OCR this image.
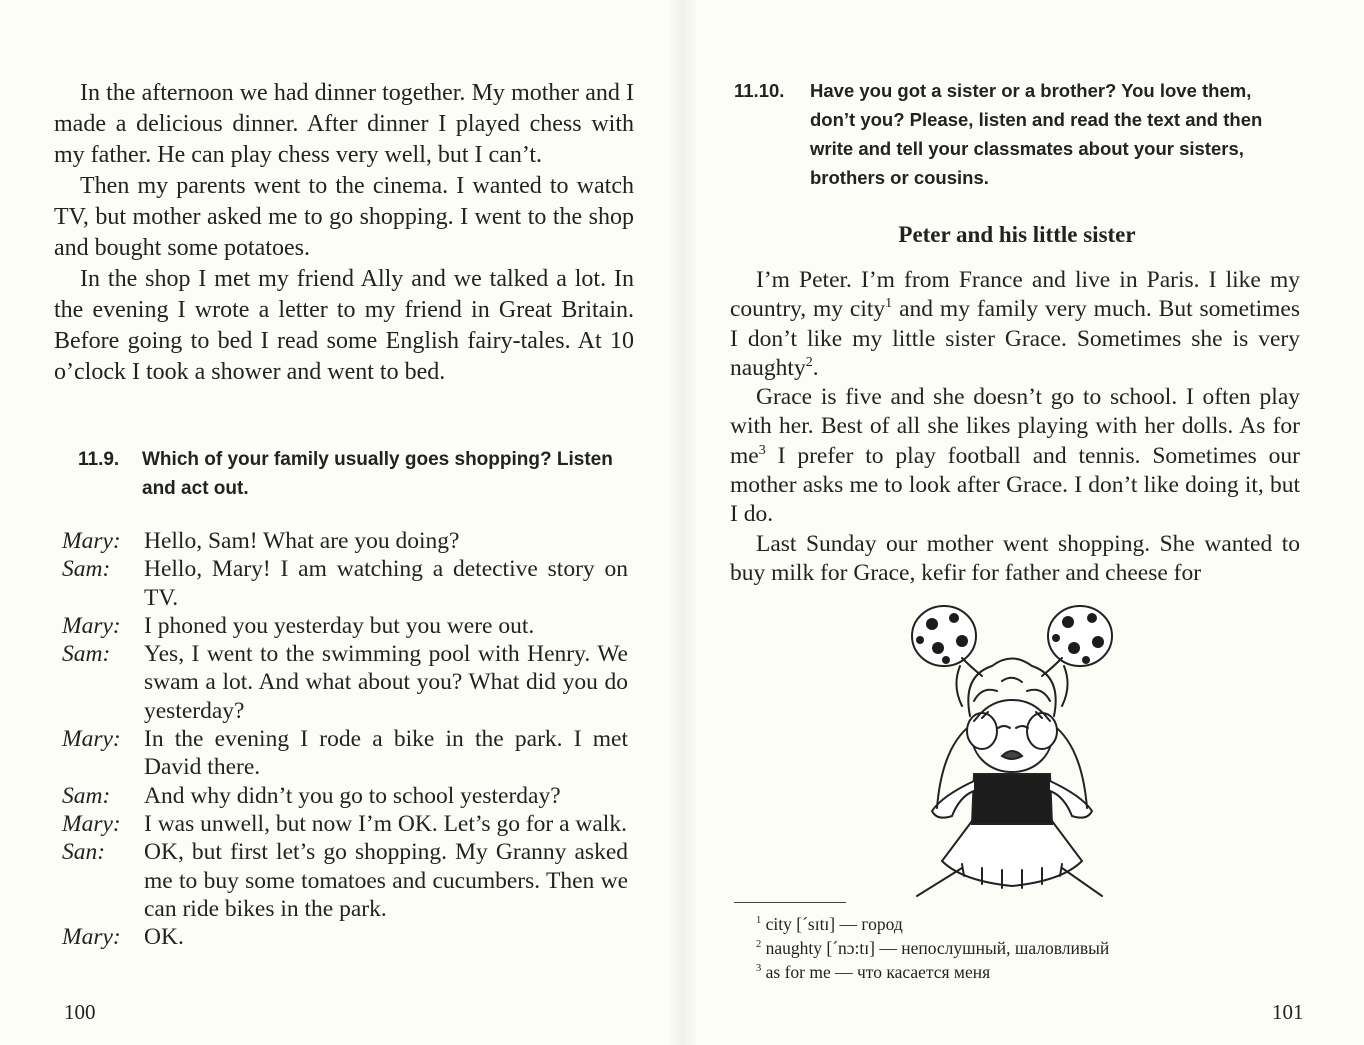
In the afternoon we had dinner together. My mother and I made a delicious dinner. After dinner I played chess with my father. He can play chess very well, but I can’t.

Then my parents went to the cinema. I wanted to watch TV, but mother asked me to go shopping. I went to the shop and bought some potatoes.

In the shop I met my friend Ally and we talked a lot. In the evening I wrote a letter to my friend in Great Britain. Before going to bed I read some English fairy-tales. At 10 o’clock I took a shower and went to bed.

11.9.	Which of your family usually goes shopping? Listen and act out.
Mary: Hello, Sam! What are you doing?
Sam:	Hello, Mary! I am watching a detective story on TV.
Mary: I phoned you yesterday but you were out.
Sam:	Yes, I went to the swimming pool with Henry. We swam a lot. And what about you? What did you do yesterday?
Mary: In the evening I rode a bike in the park. I met David there.
Sam:	And why didn’t you go to school yesterday?
Mary: I was unwell, but now I’m OK. Let’s go for a walk.
San:	OK, but first let’s go shopping. My Granny asked me to buy some tomatoes and cucumbers. Then we can ride bikes in the park.
Mary: OK.
100
11.10.	Have you got a sister or a brother? You love them, don’t you? Please, listen and read the text and then write and tell your classmates about your sisters, brothers or cousins.

Peter and his little sister

I’m Peter. I’m from France and live in Paris. I like my country, my city$^1$ and my family very much. But sometimes I don’t like my little sister Grace. Sometimes she is very naughty$^2$.

Grace is five and she doesn’t go to school. I often play with her. Best of all she likes playing with her dolls. As for $me^3$ I prefer to play football and tennis. Sometimes our mother asks me to look after Grace. I don’t like doing it, but I do.

Last Sunday our mother went shopping. She wanted to buy milk for Grace, kefir for father and cheese for

$^1$ city [ˊsɪtɪ] — город
$^2$ naughty [ˊnɔ:tɪ] — непослушный, шаловливый
$^3$ as for me — что касается меня
101
